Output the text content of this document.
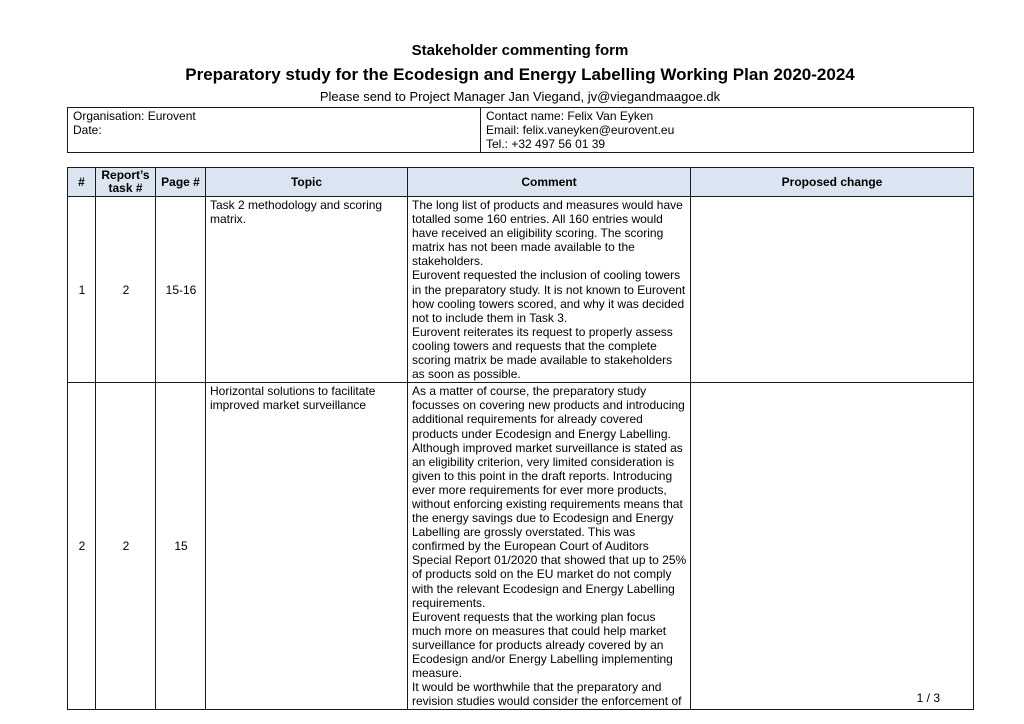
Stakeholder commenting form
Preparatory study for the Ecodesign and Energy Labelling Working Plan 2020-2024
Please send to Project Manager Jan Viegand, jv@viegandmaagoe.dk
Organisation: Eurovent
Date:

Contact name: Felix Van Eyken
Email: felix.vaneyken@eurovent.eu
Tel.: +32 497 56 01 39
#	Report’s task #	Page #	Topic	Comment	Proposed change
1	2	15-16	Task 2 methodology and scoring matrix.	The long list of products and measures would have totalled some 160 entries. All 160 entries would have received an eligibility scoring. The scoring matrix has not been made available to the stakeholders.
Eurovent requested the inclusion of cooling towers in the preparatory study. It is not known to Eurovent how cooling towers scored, and why it was decided not to include them in Task 3.
Eurovent reiterates its request to properly assess cooling towers and requests that the complete scoring matrix be made available to stakeholders as soon as possible.	

2	2	15	Horizontal solutions to facilitate improved market surveillance	As a matter of course, the preparatory study focusses on covering new products and introducing additional requirements for already covered products under Ecodesign and Energy Labelling. Although improved market surveillance is stated as an eligibility criterion, very limited consideration is given to this point in the draft reports. Introducing ever more requirements for ever more products, without enforcing existing requirements means that the energy savings due to Ecodesign and Energy Labelling are grossly overstated. This was confirmed by the European Court of Auditors Special Report 01/2020 that showed that up to 25% of products sold on the EU market do not comply with the relevant Ecodesign and Energy Labelling requirements.
Eurovent requests that the working plan focus much more on measures that could help market surveillance for products already covered by an Ecodesign and/or Energy Labelling implementing measure.
It would be worthwhile that the preparatory and revision studies would consider the enforcement of	
		1 / 3
